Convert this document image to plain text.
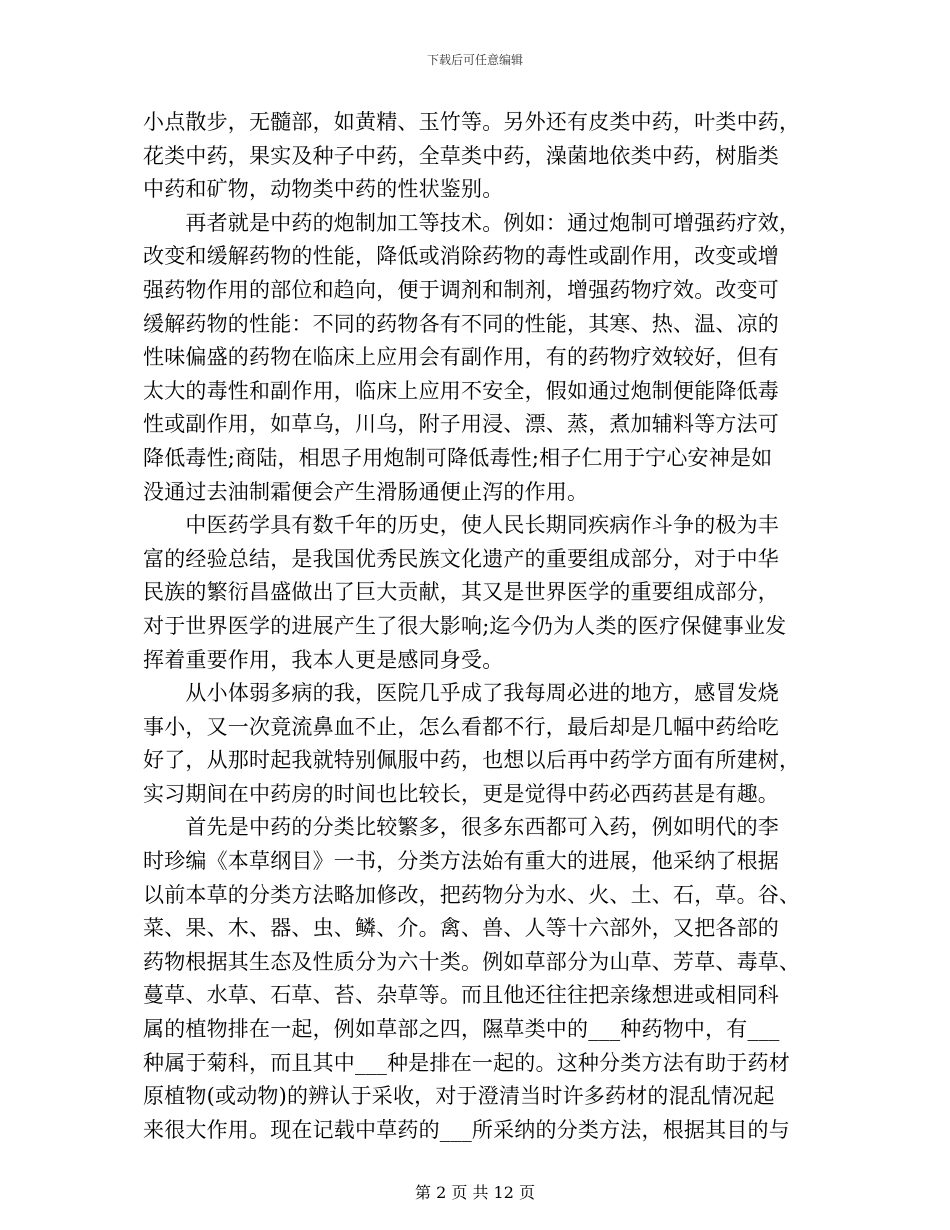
下载后可任意编辑
小点散步，无髓部，如黄精、玉竹等。另外还有皮类中药，叶类中药，
花类中药，果实及种子中药，全草类中药，澡菌地依类中药，树脂类
中药和矿物，动物类中药的性状鉴别。
　　再者就是中药的炮制加工等技术。例如：通过炮制可增强药疗效，
改变和缓解药物的性能，降低或消除药物的毒性或副作用，改变或增
强药物作用的部位和趋向，便于调剂和制剂，增强药物疗效。改变可
缓解药物的性能：不同的药物各有不同的性能，其寒、热、温、凉的
性味偏盛的药物在临床上应用会有副作用，有的药物疗效较好，但有
太大的毒性和副作用，临床上应用不安全，假如通过炮制便能降低毒
性或副作用，如草乌，川乌，附子用浸、漂、蒸，煮加辅料等方法可
降低毒性;商陆，相思子用炮制可降低毒性;相子仁用于宁心安神是如
没通过去油制霜便会产生滑肠通便止泻的作用。
　　中医药学具有数千年的历史，使人民长期同疾病作斗争的极为丰
富的经验总结，是我国优秀民族文化遗产的重要组成部分，对于中华
民族的繁衍昌盛做出了巨大贡献，其又是世界医学的重要组成部分，
对于世界医学的进展产生了很大影响;迄今仍为人类的医疗保健事业发
挥着重要作用，我本人更是感同身受。
　　从小体弱多病的我，医院几乎成了我每周必进的地方，感冒发烧
事小，又一次竟流鼻血不止，怎么看都不行，最后却是几幅中药给吃
好了，从那时起我就特别佩服中药，也想以后再中药学方面有所建树，
实习期间在中药房的时间也比较长，更是觉得中药必西药甚是有趣。
　　首先是中药的分类比较繁多，很多东西都可入药，例如明代的李
时珍编《本草纲目》一书，分类方法始有重大的进展，他采纳了根据
以前本草的分类方法略加修改，把药物分为水、火、土、石，草。谷、
菜、果、木、器、虫、鳞、介。禽、兽、人等十六部外，又把各部的
药物根据其生态及性质分为六十类。例如草部分为山草、芳草、毒草、
蔓草、水草、石草、苔、杂草等。而且他还往往把亲缘想进或相同科
属的植物排在一起，例如草部之四，隰草类中的___种药物中，有___
种属于菊科，而且其中___种是排在一起的。这种分类方法有助于药材
原植物(或动物)的辨认于采收，对于澄清当时许多药材的混乱情况起
来很大作用。现在记载中草药的___所采纳的分类方法，根据其目的与
第 2 页 共 12 页
